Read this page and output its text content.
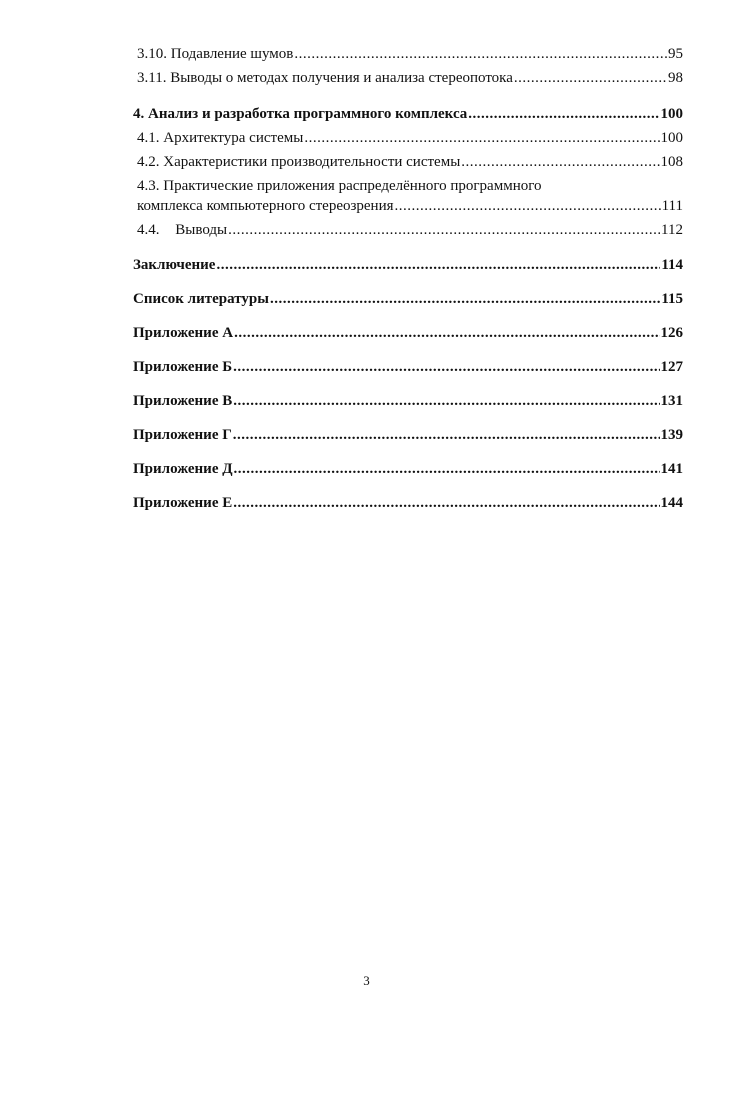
3.10. Подавление шумов .....	95
3.11. Выводы о методах получения и анализа стереопотока .....	98
4. Анализ и разработка программного комплекса .....	100
4.1. Архитектура системы .....	100
4.2. Характеристики производительности системы .....	108
4.3. Практические приложения распределённого программного
комплекса компьютерного стереозрения .....	111
4.4. Выводы .....	112
Заключение .....	114
Список литературы .....	115
Приложение А .....	126
Приложение Б .....	127
Приложение В .....	131
Приложение Г .....	139
Приложение Д .....	141
Приложение Е .....	144
3
